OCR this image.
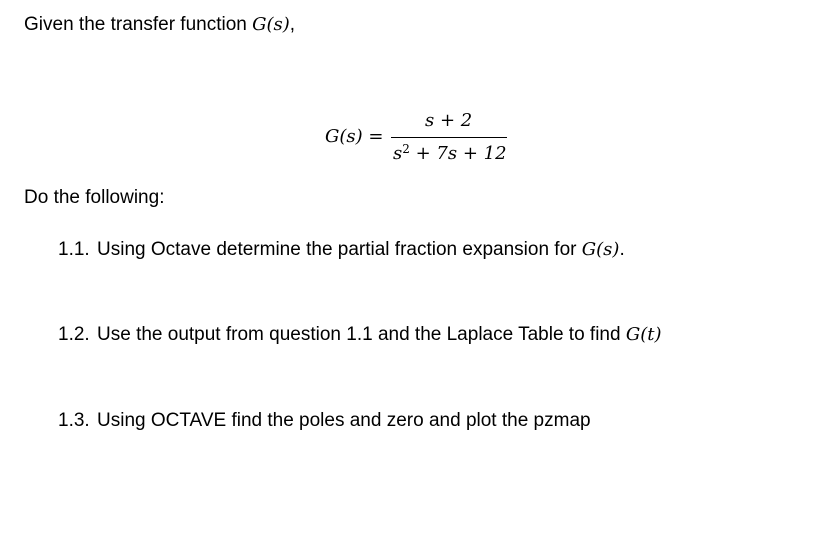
Given the transfer function G(s),
G(s) =
s + 2
$s^2 + 7s + 12$
Do the following:
1.1. Using Octave determine the partial fraction expansion for G(s).
1.2. Use the output from question 1.1 and the Laplace Table to find G(t)
1.3. Using OCTAVE find the poles and zero and plot the pzmap
